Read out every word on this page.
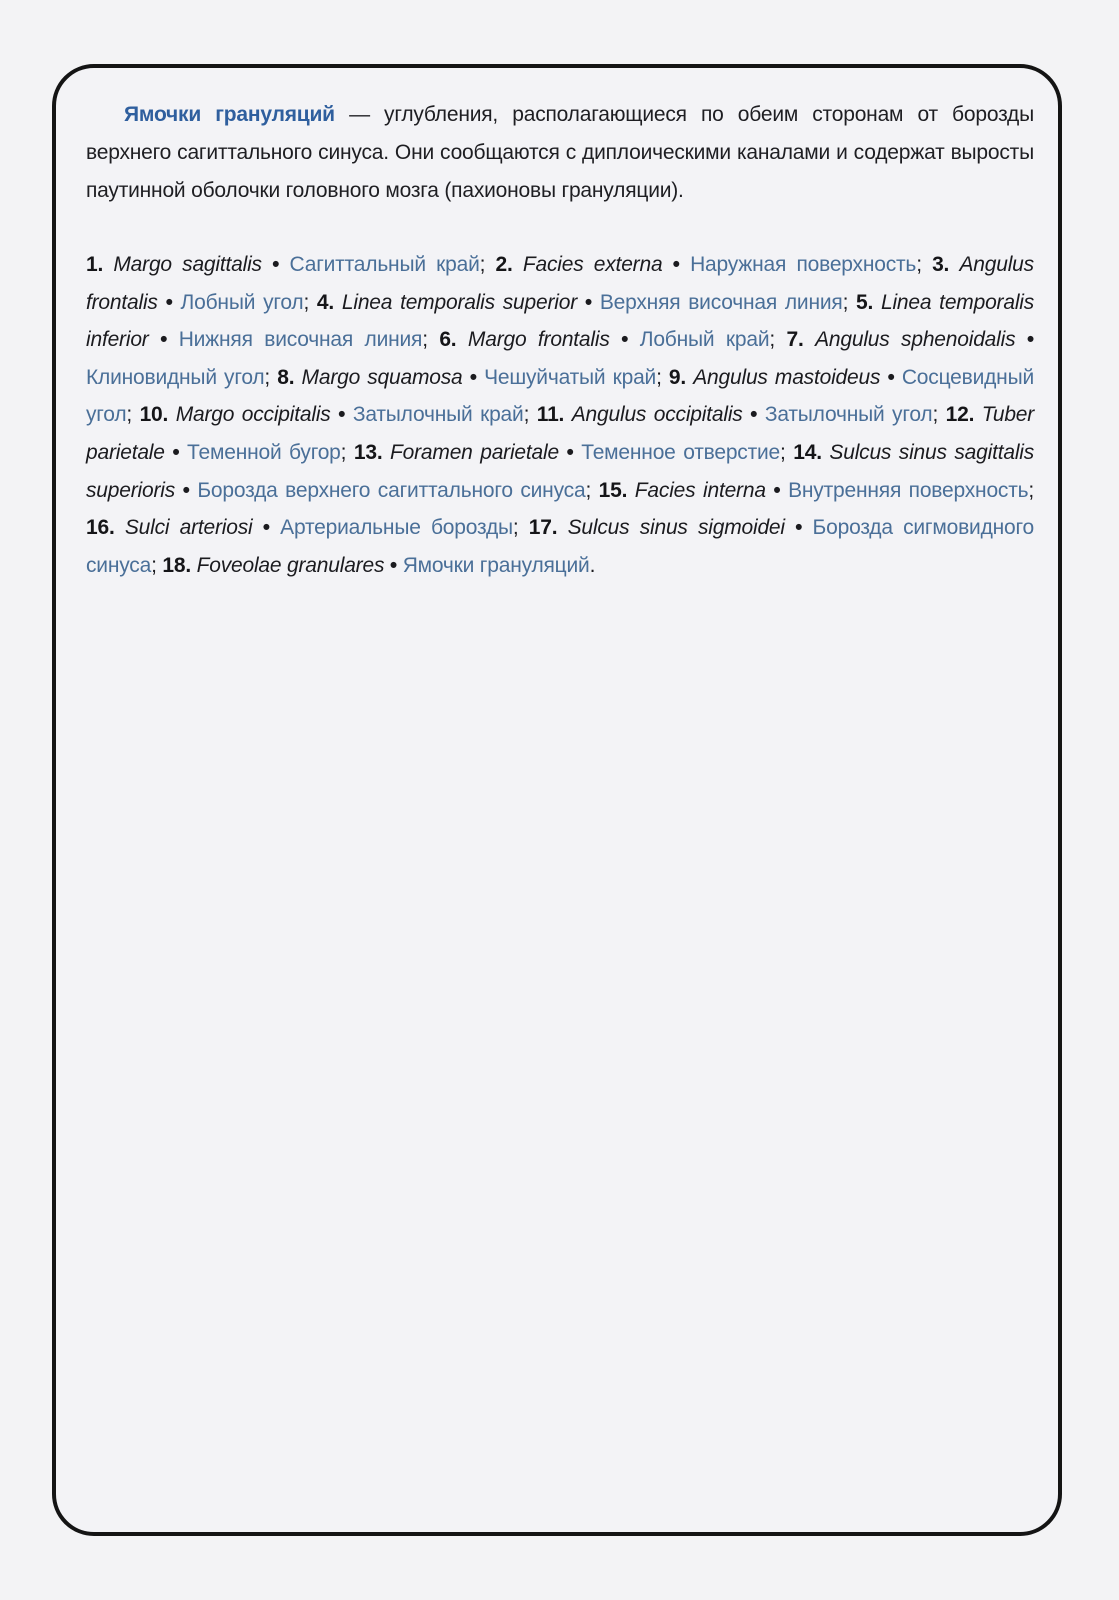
Ямочки грануляций — углубления, располагающиеся по обеим сторонам от борозды верхнего сагиттального синуса. Они сообщаются с диплоическими каналами и содержат выросты паутинной оболочки головного мозга (пахионовы грануляции).

1. Margo sagittalis • Сагиттальный край; 2. Facies externa • Наружная поверхность; 3. Angulus frontalis • Лобный угол; 4. Linea temporalis superior • Верхняя височная линия; 5. Linea temporalis inferior • Нижняя височная линия; 6. Margo frontalis • Лобный край; 7. Angulus sphenoidalis • Клиновидный угол; 8. Margo squamosa • Чешуйчатый край; 9. Angulus mastoideus • Сосцевидный угол; 10. Margo occipitalis • Затылочный край; 11. Angulus occipitalis • Затылочный угол; 12. Tuber parietale • Теменной бугор; 13. Foramen parietale • Теменное отверстие; 14. Sulcus sinus sagittalis superioris • Борозда верхнего сагиттального синуса; 15. Facies interna • Внутренняя поверхность; 16. Sulci arteriosi • Артериальные борозды; 17. Sulcus sinus sigmoidei • Борозда сигмовидного синуса; 18. Foveolae granulares • Ямочки грануляций.
